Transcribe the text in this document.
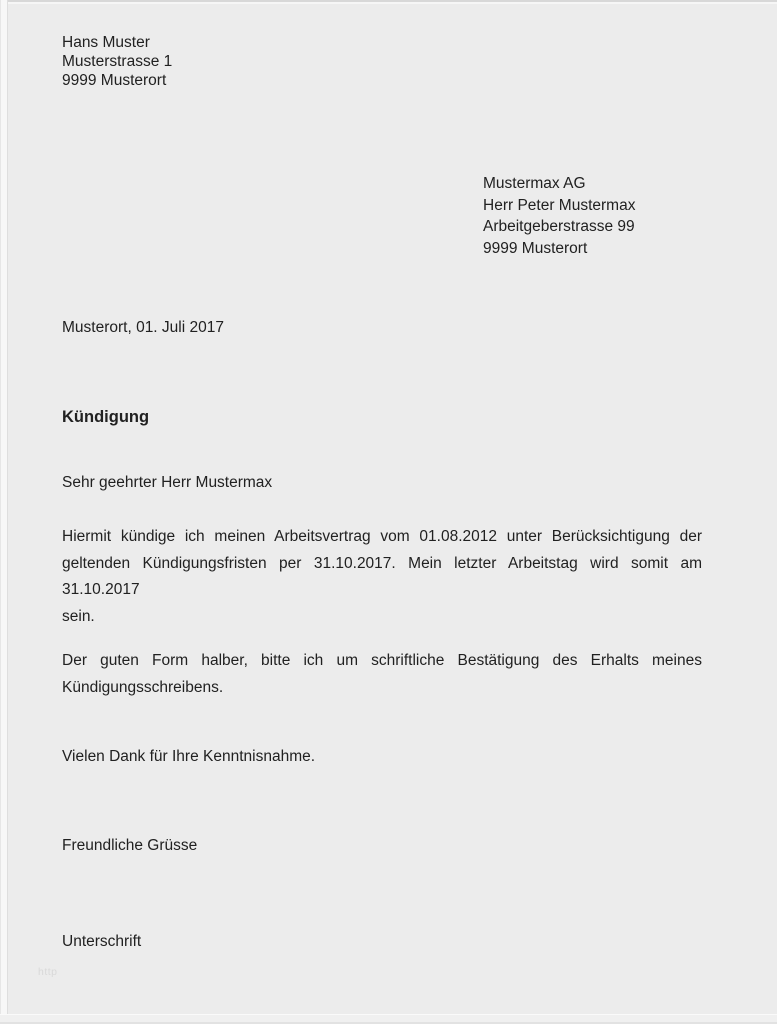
Hans Muster
Musterstrasse 1
9999 Musterort
Mustermax AG
Herr Peter Mustermax
Arbeitgeberstrasse 99
9999 Musterort
Musterort, 01. Juli 2017
Kündigung
Sehr geehrter Herr Mustermax
Hiermit kündige ich meinen Arbeitsvertrag vom 01.08.2012 unter Berücksichtigung der
geltenden Kündigungsfristen per 31.10.2017. Mein letzter Arbeitstag wird somit am 31.10.2017
sein.
Der guten Form halber, bitte ich um schriftliche Bestätigung des Erhalts meines
Kündigungsschreibens.
Vielen Dank für Ihre Kenntnisnahme.
Freundliche Grüsse
Unterschrift
http
